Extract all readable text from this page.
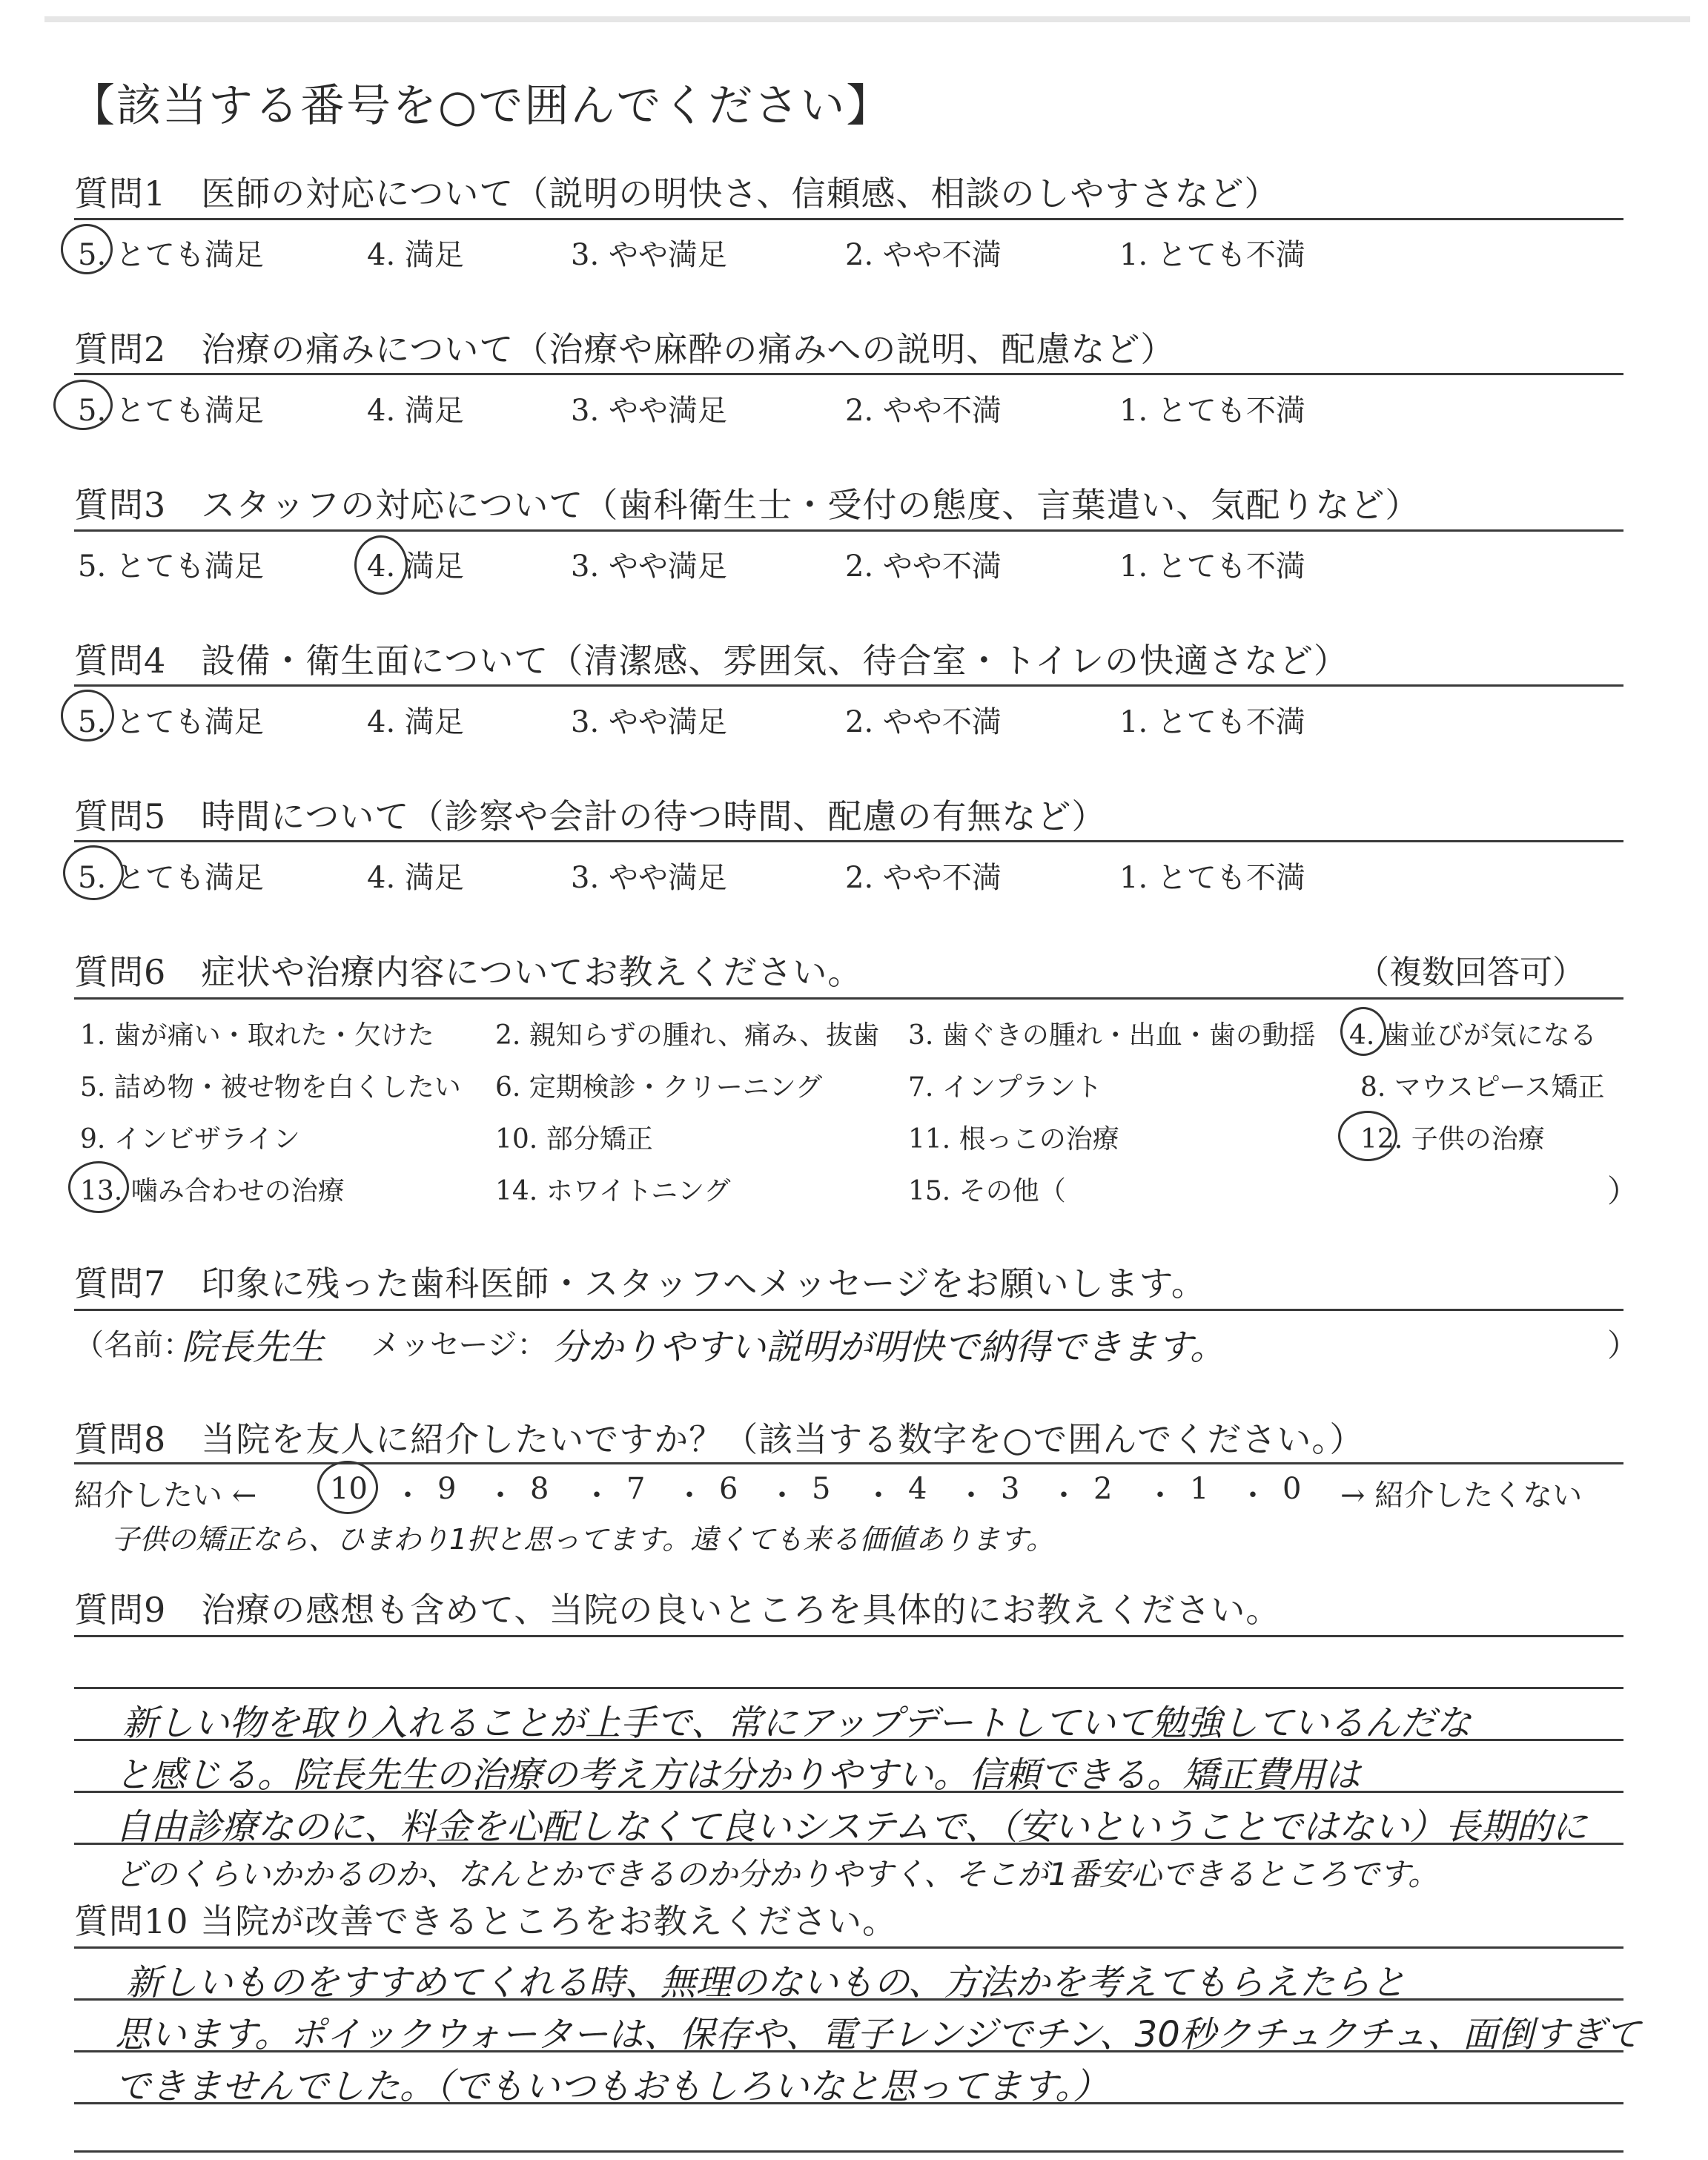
【該当する番号を○で囲んでください】
質問1　医師の対応について（説明の明快さ、信頼感、相談のしやすさなど）
5. とても満足	4. 満足	3. やや満足	2. やや不満	1. とても不満
質問2　治療の痛みについて（治療や麻酔の痛みへの説明、配慮など）
5. とても満足	4. 満足	3. やや満足	2. やや不満	1. とても不満
質問3　スタッフの対応について（歯科衛生士・受付の態度、言葉遣い、気配りなど）
5. とても満足	4. 満足	3. やや満足	2. やや不満	1. とても不満
質問4　設備・衛生面について（清潔感、雰囲気、待合室・トイレの快適さなど）
5. とても満足	4. 満足	3. やや満足	2. やや不満	1. とても不満
質問5　時間について（診察や会計の待つ時間、配慮の有無など）
5. とても満足	4. 満足	3. やや満足	2. やや不満	1. とても不満
質問6　症状や治療内容についてお教えください。	（複数回答可）
1. 歯が痛い・取れた・欠けた 2. 親知らずの腫れ、痛み、抜歯 3. 歯ぐきの腫れ・出血・歯の動揺 4. 歯並びが気になる
5. 詰め物・被せ物を白くしたい 6. 定期検診・クリーニング	7. インプラント	8. マウスピース矯正
9. インビザライン	10. 部分矯正	11. 根っこの治療	12. 子供の治療
13. 噛み合わせの治療	14. ホワイトニング	15. その他（	）
質問7　印象に残った歯科医師・スタッフへメッセージをお願いします。
（名前：
院長先生 メッセージ： 分かりやすい説明が明快で納得できます。	）
質問8　当院を友人に紹介したいですか？（該当する数字を○で囲んでください。）
紹介したい ← 10 ・ 9 ・ 8 ・ 7 ・ 6 ・ 5 ・ 4 ・ 3 ・ 2 ・ 1 ・ 0 → 紹介したくない
子供の矯正なら、ひまわり1択と思ってます。遠くても来る価値あります。
質問9　治療の感想も含めて、当院の良いところを具体的にお教えください。
新しい物を取り入れることが上手で、常にアップデートしていて勉強しているんだな
と感じる。院長先生の治療の考え方は分かりやすい。信頼できる。矯正費用は
自由診療なのに、料金を心配しなくて良いシステムで、（安いということではない）長期的に
どのくらいかかるのか、なんとかできるのか分かりやすく、そこが1番安心できるところです。
質問10 当院が改善できるところをお教えください。
新しいものをすすめてくれる時、無理のないもの、方法かを考えてもらえたらと
思います。ポイックウォーターは、保存や、電子レンジでチン、30秒クチュクチュ、面倒すぎて
できませんでした。（でもいつもおもしろいなと思ってます。）
